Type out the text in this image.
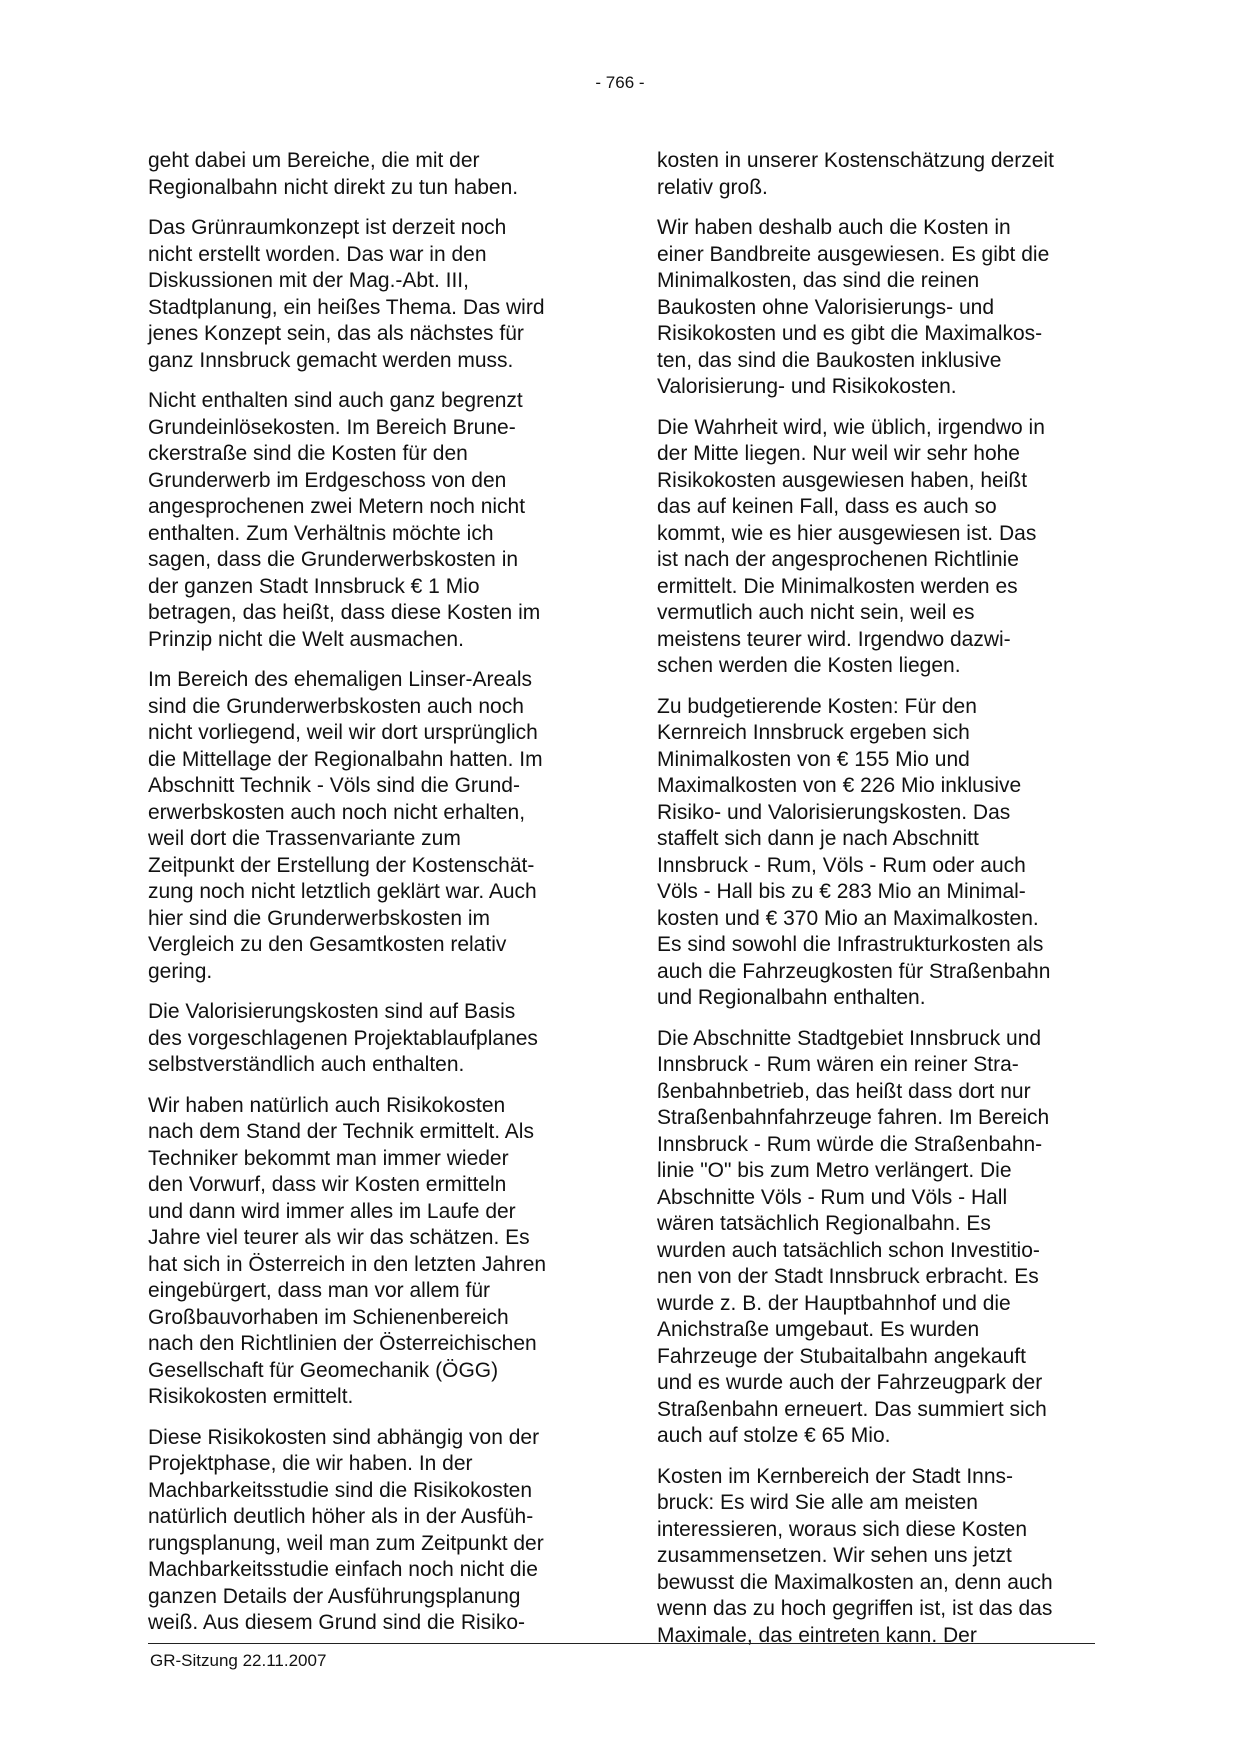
- 766 -

geht dabei um Bereiche, die mit der
Regionalbahn nicht direkt zu tun haben.

Das Grünraumkonzept ist derzeit noch
nicht erstellt worden. Das war in den
Diskussionen mit der Mag.-Abt. III,
Stadtplanung, ein heißes Thema. Das wird
jenes Konzept sein, das als nächstes für
ganz Innsbruck gemacht werden muss.

Nicht enthalten sind auch ganz begrenzt
Grundeinlösekosten. Im Bereich Brune-
ckerstraße sind die Kosten für den
Grunderwerb im Erdgeschoss von den
angesprochenen zwei Metern noch nicht
enthalten. Zum Verhältnis möchte ich
sagen, dass die Grunderwerbskosten in
der ganzen Stadt Innsbruck € 1 Mio
betragen, das heißt, dass diese Kosten im
Prinzip nicht die Welt ausmachen.

Im Bereich des ehemaligen Linser-Areals
sind die Grunderwerbskosten auch noch
nicht vorliegend, weil wir dort ursprünglich
die Mittellage der Regionalbahn hatten. Im
Abschnitt Technik - Völs sind die Grund-
erwerbskosten auch noch nicht erhalten,
weil dort die Trassenvariante zum
Zeitpunkt der Erstellung der Kostenschät-
zung noch nicht letztlich geklärt war. Auch
hier sind die Grunderwerbskosten im
Vergleich zu den Gesamtkosten relativ
gering.

Die Valorisierungskosten sind auf Basis
des vorgeschlagenen Projektablaufplanes
selbstverständlich auch enthalten.

Wir haben natürlich auch Risikokosten
nach dem Stand der Technik ermittelt. Als
Techniker bekommt man immer wieder
den Vorwurf, dass wir Kosten ermitteln
und dann wird immer alles im Laufe der
Jahre viel teurer als wir das schätzen. Es
hat sich in Österreich in den letzten Jahren
eingebürgert, dass man vor allem für
Großbauvorhaben im Schienenbereich
nach den Richtlinien der Österreichischen
Gesellschaft für Geomechanik (ÖGG)
Risikokosten ermittelt.

Diese Risikokosten sind abhängig von der
Projektphase, die wir haben. In der
Machbarkeitsstudie sind die Risikokosten
natürlich deutlich höher als in der Ausfüh-
rungsplanung, weil man zum Zeitpunkt der
Machbarkeitsstudie einfach noch nicht die
ganzen Details der Ausführungsplanung
weiß. Aus diesem Grund sind die Risiko-

kosten in unserer Kostenschätzung derzeit
relativ groß.

Wir haben deshalb auch die Kosten in
einer Bandbreite ausgewiesen. Es gibt die
Minimalkosten, das sind die reinen
Baukosten ohne Valorisierungs- und
Risikokosten und es gibt die Maximalkos-
ten, das sind die Baukosten inklusive
Valorisierung- und Risikokosten.

Die Wahrheit wird, wie üblich, irgendwo in
der Mitte liegen. Nur weil wir sehr hohe
Risikokosten ausgewiesen haben, heißt
das auf keinen Fall, dass es auch so
kommt, wie es hier ausgewiesen ist. Das
ist nach der angesprochenen Richtlinie
ermittelt. Die Minimalkosten werden es
vermutlich auch nicht sein, weil es
meistens teurer wird. Irgendwo dazwi-
schen werden die Kosten liegen.

Zu budgetierende Kosten: Für den
Kernreich Innsbruck ergeben sich
Minimalkosten von € 155 Mio und
Maximalkosten von € 226 Mio inklusive
Risiko- und Valorisierungskosten. Das
staffelt sich dann je nach Abschnitt
Innsbruck - Rum, Völs - Rum oder auch
Völs - Hall bis zu € 283 Mio an Minimal-
kosten und € 370 Mio an Maximalkosten.
Es sind sowohl die Infrastrukturkosten als
auch die Fahrzeugkosten für Straßenbahn
und Regionalbahn enthalten.

Die Abschnitte Stadtgebiet Innsbruck und
Innsbruck - Rum wären ein reiner Stra-
ßenbahnbetrieb, das heißt dass dort nur
Straßenbahnfahrzeuge fahren. Im Bereich
Innsbruck - Rum würde die Straßenbahn-
linie "O" bis zum Metro verlängert. Die
Abschnitte Völs - Rum und Völs - Hall
wären tatsächlich Regionalbahn. Es
wurden auch tatsächlich schon Investitio-
nen von der Stadt Innsbruck erbracht. Es
wurde z. B. der Hauptbahnhof und die
Anichstraße umgebaut. Es wurden
Fahrzeuge der Stubaitalbahn angekauft
und es wurde auch der Fahrzeugpark der
Straßenbahn erneuert. Das summiert sich
auch auf stolze € 65 Mio.

Kosten im Kernbereich der Stadt Inns-
bruck: Es wird Sie alle am meisten
interessieren, woraus sich diese Kosten
zusammensetzen. Wir sehen uns jetzt
bewusst die Maximalkosten an, denn auch
wenn das zu hoch gegriffen ist, ist das das
Maximale, das eintreten kann. Der

GR-Sitzung 22.11.2007
